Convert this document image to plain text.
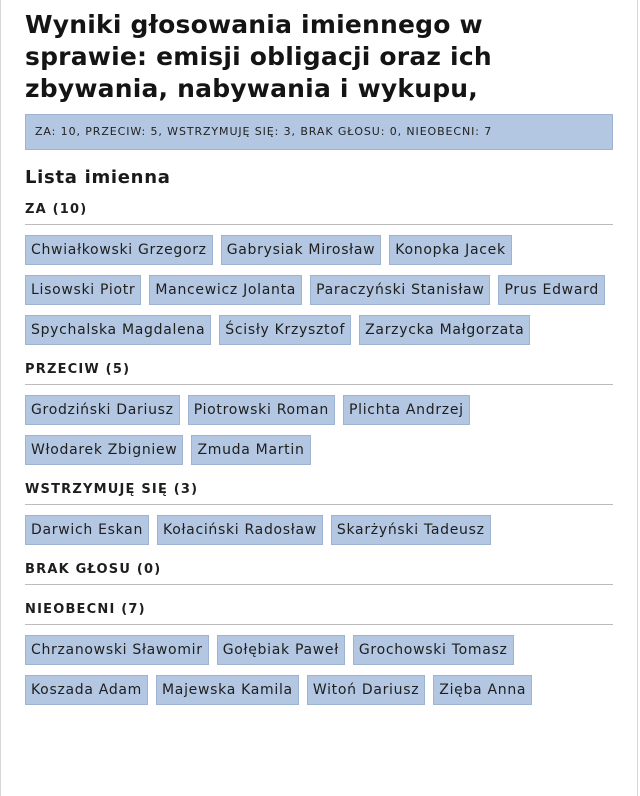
Wyniki głosowania imiennego w sprawie: emisji obligacji oraz ich zbywania, nabywania i wykupu,
ZA: 10, PRZECIW: 5, WSTRZYMUJĘ SIĘ: 3, BRAK GŁOSU: 0, NIEOBECNI: 7
Lista imienna
ZA (10)
Chwiałkowski Grzegorz	Gabrysiak Mirosław	Konopka Jacek
Lisowski Piotr	Mancewicz Jolanta	Paraczyński Stanisław	Prus Edward
Spychalska Magdalena	Ścisły Krzysztof	Zarzycka Małgorzata
PRZECIW (5)
Grodziński Dariusz	Piotrowski Roman	Plichta Andrzej
Włodarek Zbigniew	Zmuda Martin
WSTRZYMUJĘ SIĘ (3)
Darwich Eskan	Kołaciński Radosław	Skarżyński Tadeusz
BRAK GŁOSU (0)
NIEOBECNI (7)
Chrzanowski Sławomir	Gołębiak Paweł	Grochowski Tomasz
Koszada Adam	Majewska Kamila	Witoń Dariusz	Zięba Anna
